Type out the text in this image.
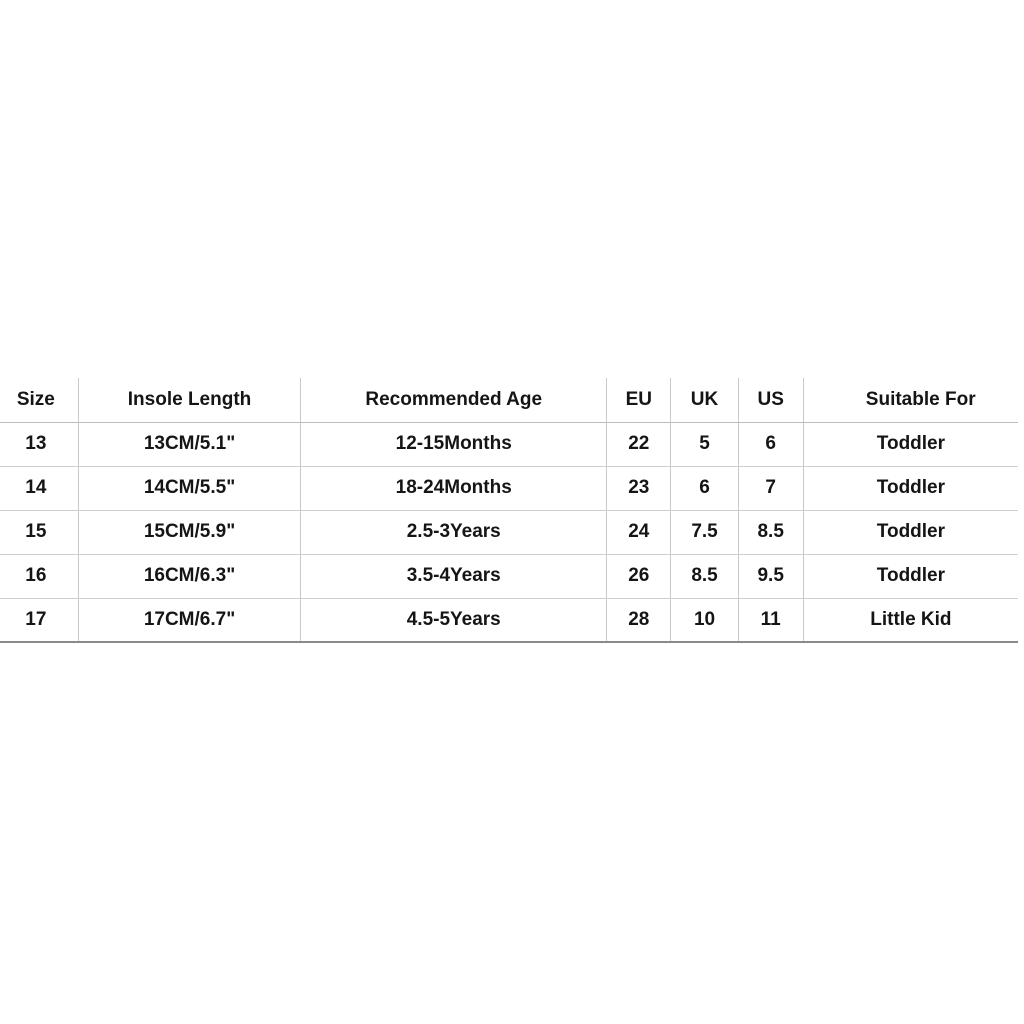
Size	Insole Length	Recommended Age	EU	UK	US	Suitable For
13	13CM/5.1"	12-15Months	22	5	6	Toddler
14	14CM/5.5"	18-24Months	23	6	7	Toddler
15	15CM/5.9"	2.5-3Years	24	7.5	8.5	Toddler
16	16CM/6.3"	3.5-4Years	26	8.5	9.5	Toddler
17	17CM/6.7"	4.5-5Years	28	10	11	Little Kid
